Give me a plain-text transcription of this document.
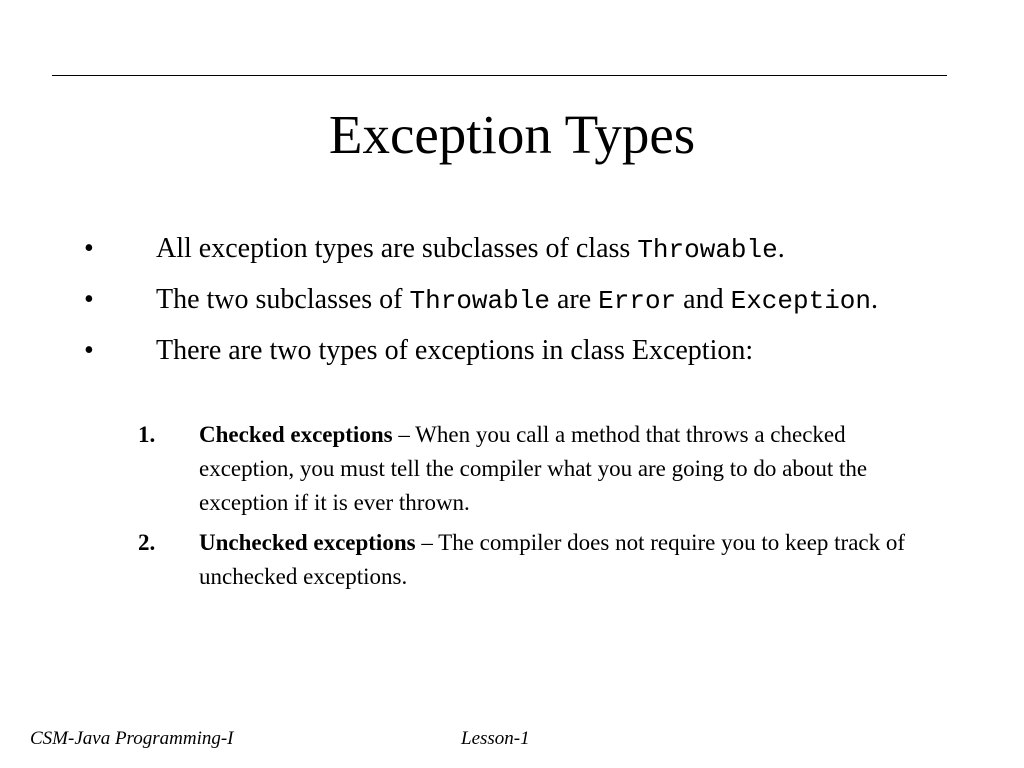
Exception Types
• All exception types are subclasses of class Throwable.
• The two subclasses of Throwable are Error and Exception.
• There are two types of exceptions in class Exception:
1. Checked exceptions – When you call a method that throws a checked exception, you must tell the compiler what you are going to do about the exception if it is ever thrown.
2. Unchecked exceptions – The compiler does not require you to keep track of unchecked exceptions.
CSM-Java Programming-I	Lesson-1
